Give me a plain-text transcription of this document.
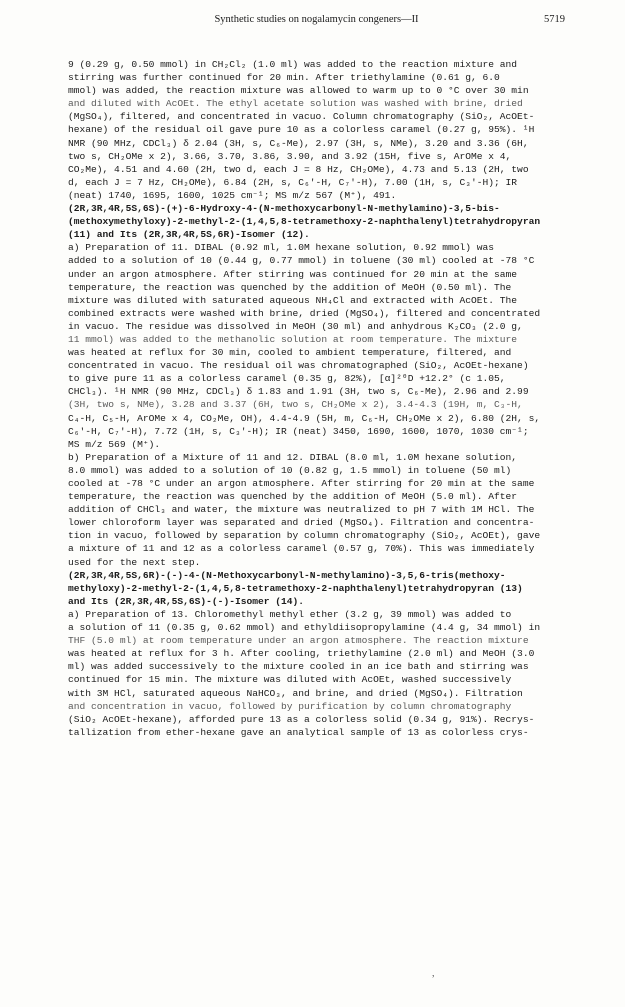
Synthetic studies on nogalamycin congeners—II	5719
9 (0.29 g, 0.50 mmol) in CH₂Cl₂ (1.0 ml) was added to the reaction mixture and
stirring was further continued for 20 min. After triethylamine (0.61 g, 6.0
mmol) was added, the reaction mixture was allowed to warm up to 0 °C over 30 min
and diluted with AcOEt. The ethyl acetate solution was washed with brine, dried
(MgSO₄), filtered, and concentrated in vacuo. Column chromatography (SiO₂, AcOEt-
hexane) of the residual oil gave pure 10 as a colorless caramel (0.27 g, 95%). ¹H
NMR (90 MHz, CDCl₃) δ 2.04 (3H, s, C₆-Me), 2.97 (3H, s, NMe), 3.20 and 3.36 (6H,
two s, CH₂OMe x 2), 3.66, 3.70, 3.86, 3.90, and 3.92 (15H, five s, ArOMe x 4,
CO₂Me), 4.51 and 4.60 (2H, two d, each J = 8 Hz, CH₂OMe), 4.73 and 5.13 (2H, two
d, each J = 7 Hz, CH₂OMe), 6.84 (2H, s, C₆'-H, C₇'-H), 7.00 (1H, s, C₃'-H); IR
(neat) 1740, 1695, 1600, 1025 cm⁻¹; MS m/z 567 (M⁺), 491.
(2R,3R,4R,5S,6S)-(+)-6-Hydroxy-4-(N-methoxycarbonyl-N-methylamino)-3,5-bis-
(methoxymethyloxy)-2-methyl-2-(1,4,5,8-tetramethoxy-2-naphthalenyl)tetrahydropyran
(11) and Its (2R,3R,4R,5S,6R)-Isomer (12).
a) Preparation of 11. DIBAL (0.92 ml, 1.0M hexane solution, 0.92 mmol) was
added to a solution of 10 (0.44 g, 0.77 mmol) in toluene (30 ml) cooled at -78 °C
under an argon atmosphere. After stirring was continued for 20 min at the same
temperature, the reaction was quenched by the addition of MeOH (0.50 ml). The
mixture was diluted with saturated aqueous NH₄Cl and extracted with AcOEt. The
combined extracts were washed with brine, dried (MgSO₄), filtered and concentrated
in vacuo. The residue was dissolved in MeOH (30 ml) and anhydrous K₂CO₃ (2.0 g,
11 mmol) was added to the methanolic solution at room temperature. The mixture
was heated at reflux for 30 min, cooled to ambient temperature, filtered, and
concentrated in vacuo. The residual oil was chromatographed (SiO₂, AcOEt-hexane)
to give pure 11 as a colorless caramel (0.35 g, 82%), [α]²⁰D +12.2° (c 1.05,
CHCl₃). ¹H NMR (90 MHz, CDCl₃) δ 1.83 and 1.91 (3H, two s, C₆-Me), 2.96 and 2.99
(3H, two s, NMe), 3.28 and 3.37 (6H, two s, CH₂OMe x 2), 3.4-4.3 (19H, m, C₃-H,
C₄-H, C₅-H, ArOMe x 4, CO₂Me, OH), 4.4-4.9 (5H, m, C₆-H, CH₂OMe x 2), 6.80 (2H, s,
C₆'-H, C₇'-H), 7.72 (1H, s, C₃'-H); IR (neat) 3450, 1690, 1600, 1070, 1030 cm⁻¹;
MS m/z 569 (M⁺).
b) Preparation of a Mixture of 11 and 12. DIBAL (8.0 ml, 1.0M hexane solution,
8.0 mmol) was added to a solution of 10 (0.82 g, 1.5 mmol) in toluene (50 ml)
cooled at -78 °C under an argon atmosphere. After stirring for 20 min at the same
temperature, the reaction was quenched by the addition of MeOH (5.0 ml). After
addition of CHCl₃ and water, the mixture was neutralized to pH 7 with 1M HCl. The
lower chloroform layer was separated and dried (MgSO₄). Filtration and concentra-
tion in vacuo, followed by separation by column chromatography (SiO₂, AcOEt), gave
a mixture of 11 and 12 as a colorless caramel (0.57 g, 70%). This was immediately
used for the next step.
(2R,3R,4R,5S,6R)-(-)-4-(N-Methoxycarbonyl-N-methylamino)-3,5,6-tris(methoxy-
methyloxy)-2-methyl-2-(1,4,5,8-tetramethoxy-2-naphthalenyl)tetrahydropyran (13)
and Its (2R,3R,4R,5S,6S)-(-)-Isomer (14).
a) Preparation of 13. Chloromethyl methyl ether (3.2 g, 39 mmol) was added to
a solution of 11 (0.35 g, 0.62 mmol) and ethyldiisopropylamine (4.4 g, 34 mmol) in
THF (5.0 ml) at room temperature under an argon atmosphere. The reaction mixture
was heated at reflux for 3 h. After cooling, triethylamine (2.0 ml) and MeOH (3.0
ml) was added successively to the mixture cooled in an ice bath and stirring was
continued for 15 min. The mixture was diluted with AcOEt, washed successively
with 3M HCl, saturated aqueous NaHCO₃, and brine, and dried (MgSO₄). Filtration
and concentration in vacuo, followed by purification by column chromatography
(SiO₂ AcOEt-hexane), afforded pure 13 as a colorless solid (0.34 g, 91%). Recrys-
tallization from ether-hexane gave an analytical sample of 13 as colorless crys-
,
